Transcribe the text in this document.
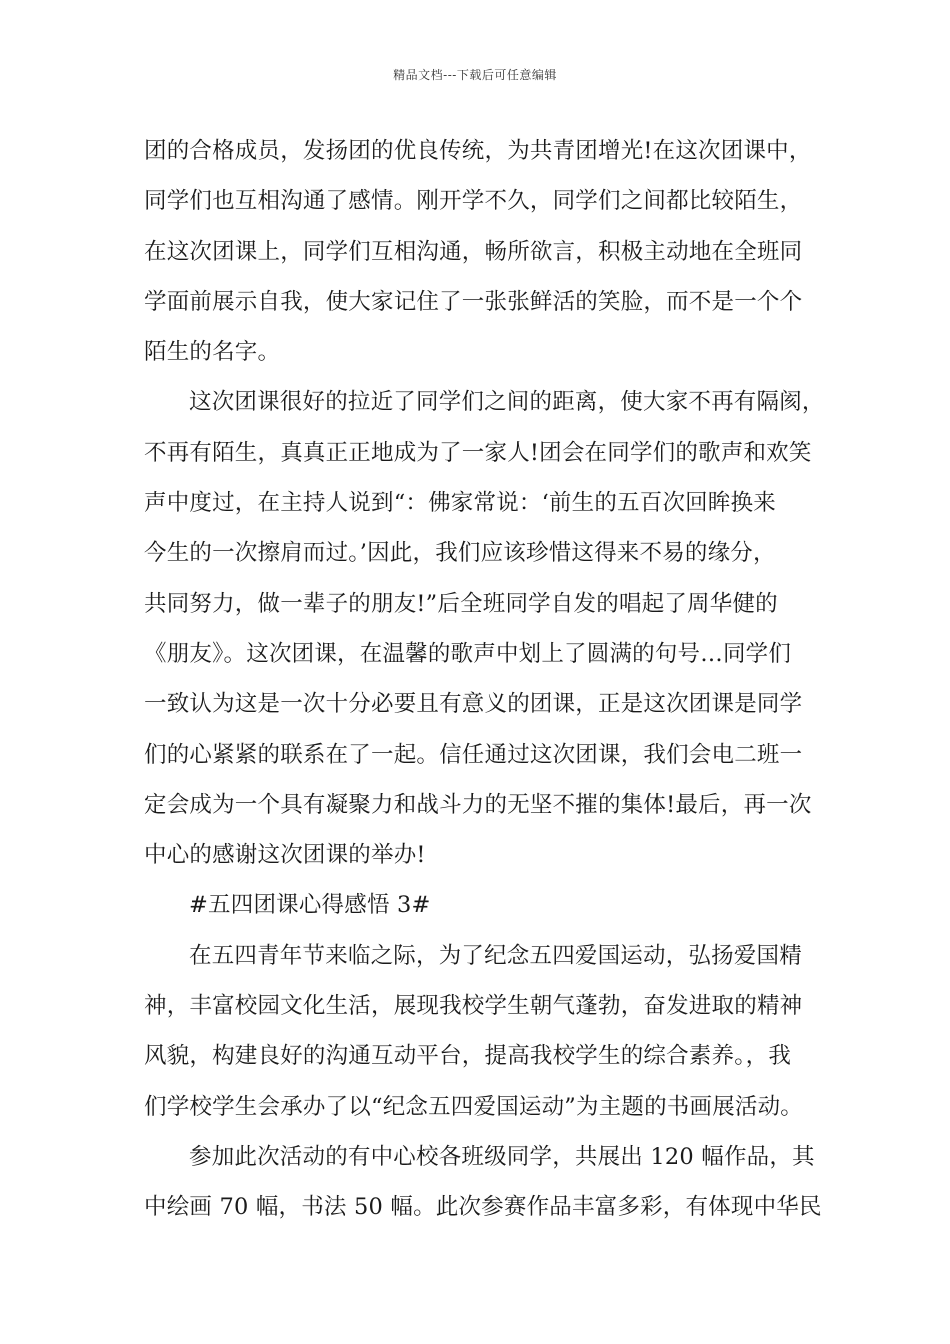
精品文档---下载后可任意编辑
团的合格成员，发扬团的优良传统，为共青团增光!在这次团课中，
同学们也互相沟通了感情。刚开学不久，同学们之间都比较陌生，
在这次团课上，同学们互相沟通，畅所欲言，积极主动地在全班同
学面前展示自我，使大家记住了一张张鲜活的笑脸，而不是一个个
陌生的名字。
这次团课很好的拉近了同学们之间的距离，使大家不再有隔阂，
不再有陌生，真真正正地成为了一家人!团会在同学们的歌声和欢笑
声中度过，在主持人说到“：佛家常说：‘前生的五百次回眸换来
今生的一次擦肩而过。’因此，我们应该珍惜这得来不易的缘分，
共同努力，做一辈子的朋友!”后全班同学自发的唱起了周华健的
《朋友》。这次团课，在温馨的歌声中划上了圆满的句号…同学们
一致认为这是一次十分必要且有意义的团课，正是这次团课是同学
们的心紧紧的联系在了一起。信任通过这次团课，我们会电二班一
定会成为一个具有凝聚力和战斗力的无坚不摧的集体!最后，再一次
中心的感谢这次团课的举办!
#五四团课心得感悟 3#
在五四青年节来临之际，为了纪念五四爱国运动，弘扬爱国精
神，丰富校园文化生活，展现我校学生朝气蓬勃，奋发进取的精神
风貌，构建良好的沟通互动平台，提高我校学生的综合素养。，我
们学校学生会承办了以“纪念五四爱国运动”为主题的书画展活动。
参加此次活动的有中心校各班级同学，共展出 120 幅作品，其
中绘画 70 幅，书法 50 幅。此次参赛作品丰富多彩，有体现中华民
